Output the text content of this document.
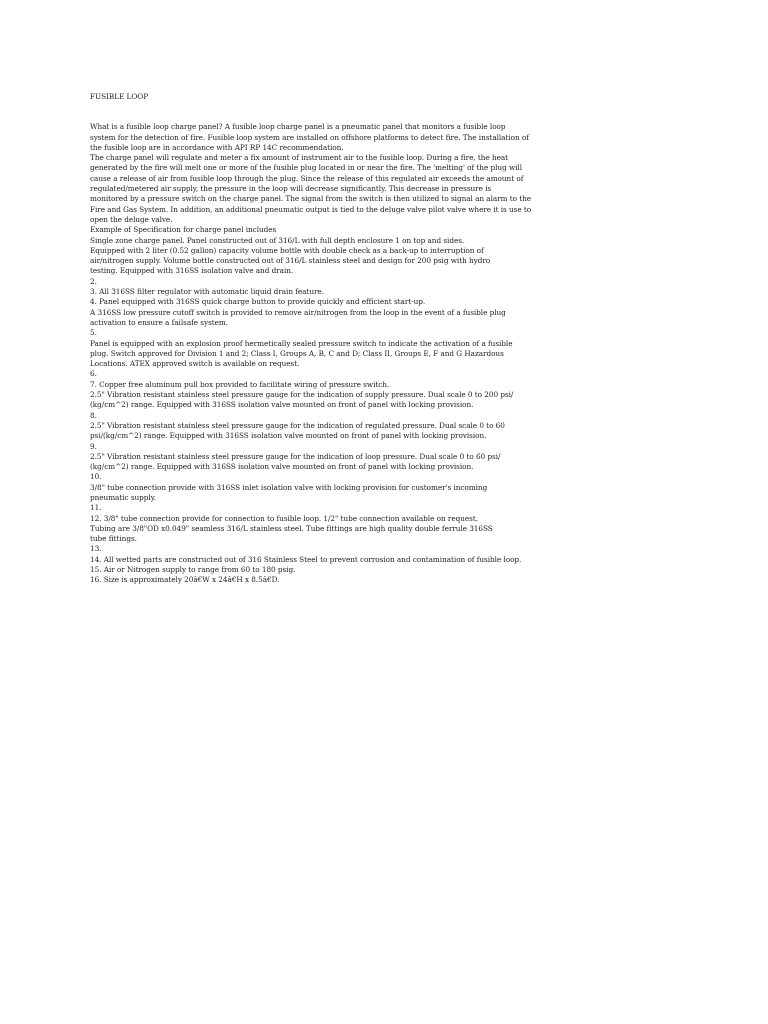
FUSIBLE LOOP
What is a fusible loop charge panel? A fusible loop charge panel is a pneumatic panel that monitors a fusible loop
system for the detection of fire. Fusible loop system are installed on offshore platforms to detect fire. The installation of
the fusible loop are in accordance with API RP 14C recommendation.
The charge panel will regulate and meter a fix amount of instrument air to the fusible loop. During a fire, the heat
generated by the fire will melt one or more of the fusible plug located in or near the fire. The 'melting' of the plug will
cause a release of air from fusible loop through the plug. Since the release of this regulated air exceeds the amount of
regulated/metered air supply, the pressure in the loop will decrease significantly. This decrease in pressure is
monitored by a pressure switch on the charge panel. The signal from the switch is then utilized to signal an alarm to the
Fire and Gas System. In addition, an additional pneumatic output is tied to the deluge valve pilot valve where it is use to
open the deluge valve.
Example of Specification for charge panel includes
Single zone charge panel. Panel constructed out of 316/L with full depth enclosure 1 on top and sides.
Equipped with 2 liter (0.52 gallon) capacity volume bottle with double check as a back-up to interruption of
air/nitrogen supply. Volume bottle constructed out of 316/L stainless steel and design for 200 psig with hydro
testing. Equipped with 316SS isolation valve and drain.
2.
3. All 316SS filter regulator with automatic liquid drain feature.
4. Panel equipped with 316SS quick charge button to provide quickly and efficient start-up.
A 316SS low pressure cutoff switch is provided to remove air/nitrogen from the loop in the event of a fusible plug
activation to ensure a failsafe system.
5.
Panel is equipped with an explosion proof hermetically sealed pressure switch to indicate the activation of a fusible
plug. Switch approved for Division 1 and 2; Class I, Groups A, B, C and D; Class II, Groups E, F and G Hazardous
Locations. ATEX approved switch is available on request.
6.
7. Copper free aluminum pull box provided to facilitate wiring of pressure switch.
2.5" Vibration resistant stainless steel pressure gauge for the indication of supply pressure. Dual scale 0 to 200 psi/
(kg/cm^2) range. Equipped with 316SS isolation valve mounted on front of panel with locking provision.
8.
2.5" Vibration resistant stainless steel pressure gauge for the indication of regulated pressure. Dual scale 0 to 60
psi/(kg/cm^2) range. Equipped with 316SS isolation valve mounted on front of panel with locking provision.
9.
2.5" Vibration resistant stainless steel pressure gauge for the indication of loop pressure. Dual scale 0 to 60 psi/
(kg/cm^2) range. Equipped with 316SS isolation valve mounted on front of panel with locking provision.
10.
3/8" tube connection provide with 316SS inlet isolation valve with locking provision for customer's incoming
pneumatic supply.
11.
12. 3/8" tube connection provide for connection to fusible loop. 1/2" tube connection available on request.
Tubing are 3/8"OD x0.049" seamless 316/L stainless steel. Tube fittings are high quality double ferrule 316SS
tube fittings.
13.
14. All wetted parts are constructed out of 316 Stainless Steel to prevent corrosion and contamination of fusible loop.
15. Air or Nitrogen supply to range from 60 to 180 psig.
16. Size is approximately 20â€W x 24â€H x 8.5â€D.
